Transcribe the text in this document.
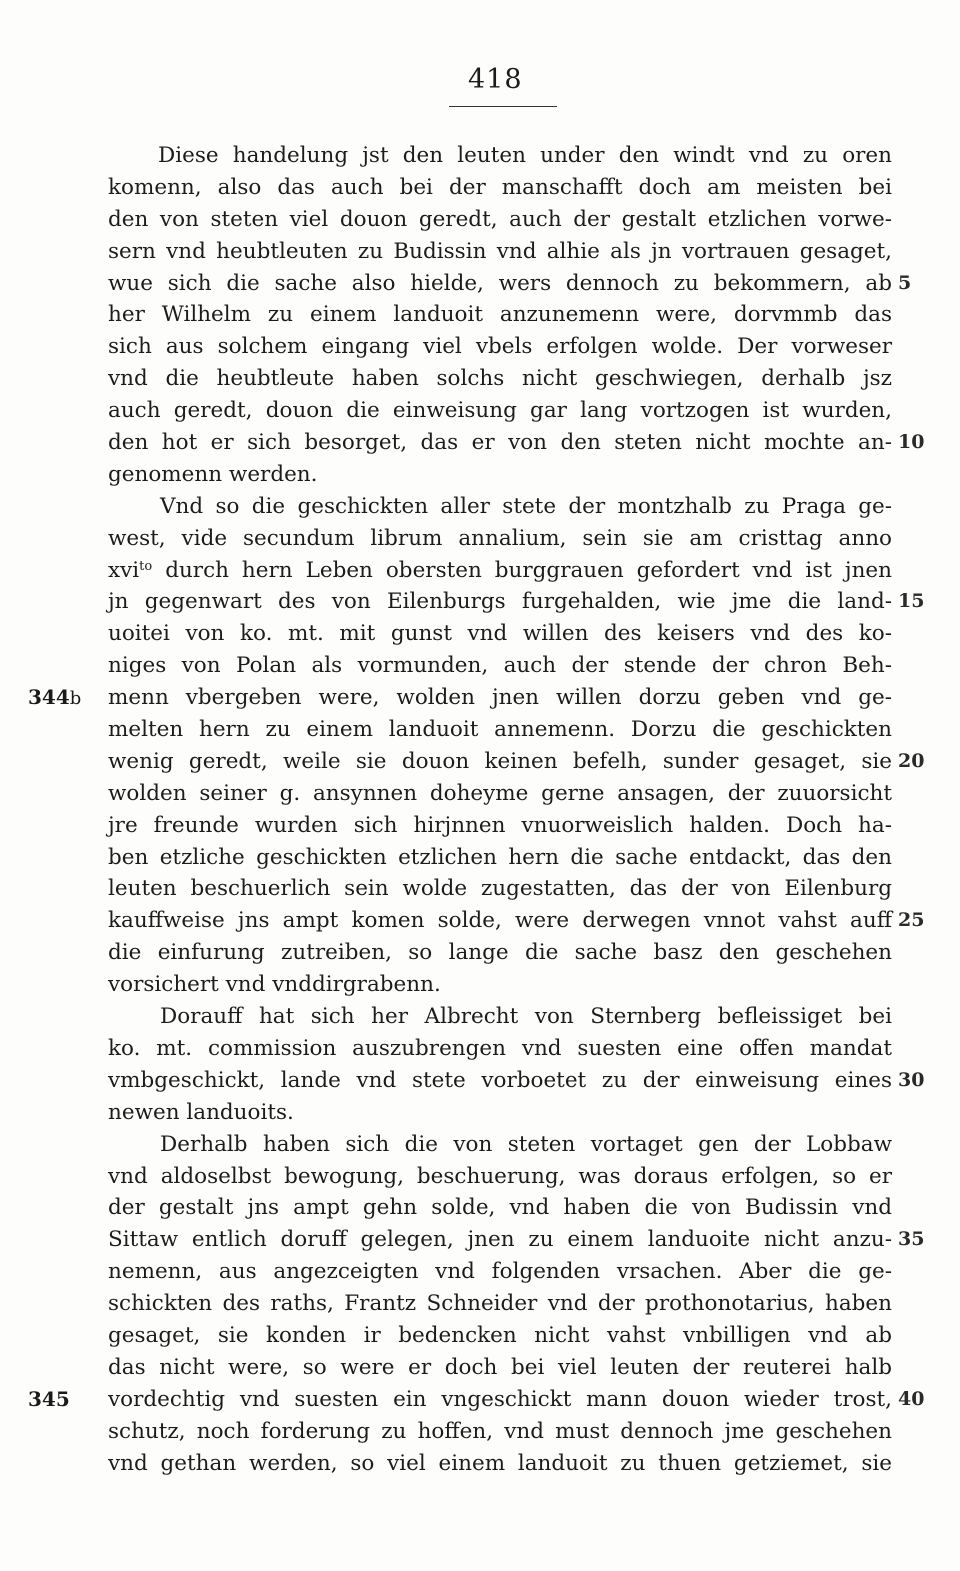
418
Diese handelung jst den leuten under den windt vnd zu oren
komenn, also das auch bei der manschafft doch am meisten bei
den von steten viel douon geredt, auch der gestalt etzlichen vorwe-
sern vnd heubtleuten zu Budissin vnd alhie als jn vortrauen gesaget,
wue sich die sache also hielde, wers dennoch zu bekommern, ab 5
her Wilhelm zu einem landuoit anzunemenn were, dorvmmb das
sich aus solchem eingang viel vbels erfolgen wolde. Der vorweser
vnd die heubtleute haben solchs nicht geschwiegen, derhalb jsz
auch geredt, douon die einweisung gar lang vortzogen ist wurden,
den hot er sich besorget, das er von den steten nicht mochte an- 10
genomenn werden.
Vnd so die geschickten aller stete der montzhalb zu Praga ge-
west, vide secundum librum annalium, sein sie am cristtag anno
xvi$^{to}$ durch hern Leben obersten burggrauen gefordert vnd ist jnen
jn gegenwart des von Eilenburgs furgehalden, wie jme die land- 15
uoitei von ko. mt. mit gunst vnd willen des keisers vnd des ko-
niges von Polan als vormunden, auch der stende der chron Beh-
344b menn vbergeben were, wolden jnen willen dorzu geben vnd ge-
melten hern zu einem landuoit annemenn. Dorzu die geschickten
wenig geredt, weile sie douon keinen befelh, sunder gesaget, sie 20
wolden seiner g. ansynnen doheyme gerne ansagen, der zuuorsicht
jre freunde wurden sich hirjnnen vnuorweislich halden. Doch ha-
ben etzliche geschickten etzlichen hern die sache entdackt, das den
leuten beschuerlich sein wolde zugestatten, das der von Eilenburg
kauffweise jns ampt komen solde, were derwegen vnnot vahst auff 25
die einfurung zutreiben, so lange die sache basz den geschehen
vorsichert vnd vnddirgrabenn.
Dorauff hat sich her Albrecht von Sternberg befleissiget bei
ko. mt. commission auszubrengen vnd suesten eine offen mandat
vmbgeschickt, lande vnd stete vorboetet zu der einweisung eines 30
newen landuoits.
Derhalb haben sich die von steten vortaget gen der Lobbaw
vnd aldoselbst bewogung, beschuerung, was doraus erfolgen, so er
der gestalt jns ampt gehn solde, vnd haben die von Budissin vnd
Sittaw entlich doruff gelegen, jnen zu einem landuoite nicht anzu- 35
nemenn, aus angezceigten vnd folgenden vrsachen. Aber die ge-
schickten des raths, Frantz Schneider vnd der prothonotarius, haben
gesaget, sie konden ir bedencken nicht vahst vnbilligen vnd ab
das nicht were, so were er doch bei viel leuten der reuterei halb
345 vordechtig vnd suesten ein vngeschickt mann douon wieder trost, 40
schutz, noch forderung zu hoffen, vnd must dennoch jme geschehen
vnd gethan werden, so viel einem landuoit zu thuen getziemet, sie
